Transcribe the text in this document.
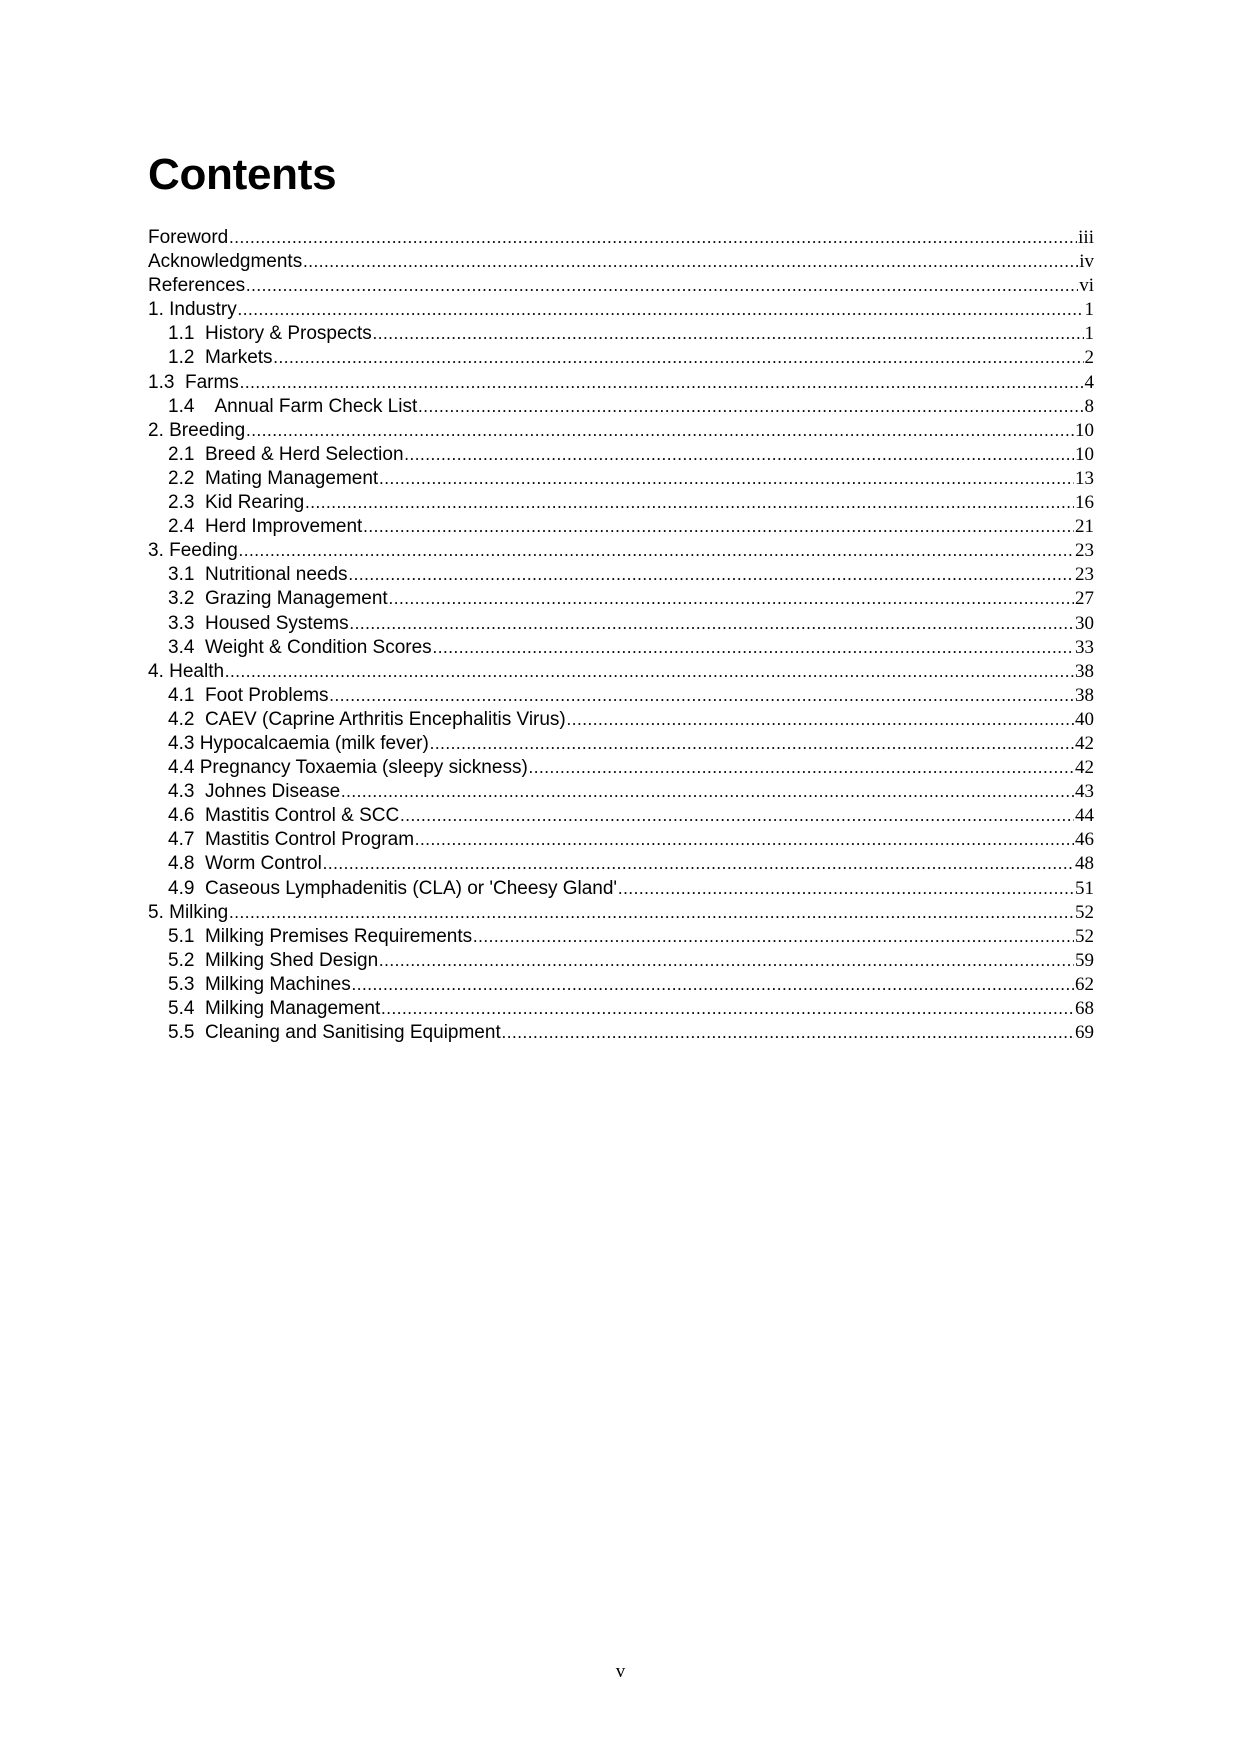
Contents
Foreword .....	iii
Acknowledgments .....	iv
References .....	vi
1. Industry .....	1
1.1  History & Prospects .....	1
1.2  Markets .....	2
1.3  Farms .....	4
1.4    Annual Farm Check List .....	8
2. Breeding .....	10
2.1  Breed & Herd Selection .....	10
2.2  Mating Management .....	13
2.3  Kid Rearing .....	16
2.4  Herd Improvement .....	21
3. Feeding .....	23
3.1  Nutritional needs .....	23
3.2  Grazing Management .....	27
3.3  Housed Systems .....	30
3.4  Weight & Condition Scores .....	33
4. Health .....	38
4.1  Foot Problems .....	38
4.2  CAEV (Caprine Arthritis Encephalitis Virus) .....	40
4.3 Hypocalcaemia (milk fever) .....	42
4.4 Pregnancy Toxaemia (sleepy sickness) .....	42
4.3  Johnes Disease .....	43
4.6  Mastitis Control & SCC .....	44
4.7  Mastitis Control Program .....	46
4.8  Worm Control .....	48
4.9  Caseous Lymphadenitis (CLA) or 'Cheesy Gland' .....	51
5. Milking .....	52
5.1  Milking Premises Requirements .....	52
5.2  Milking Shed Design .....	59
5.3  Milking Machines .....	62
5.4  Milking Management .....	68
5.5  Cleaning and Sanitising Equipment .....	69
v
